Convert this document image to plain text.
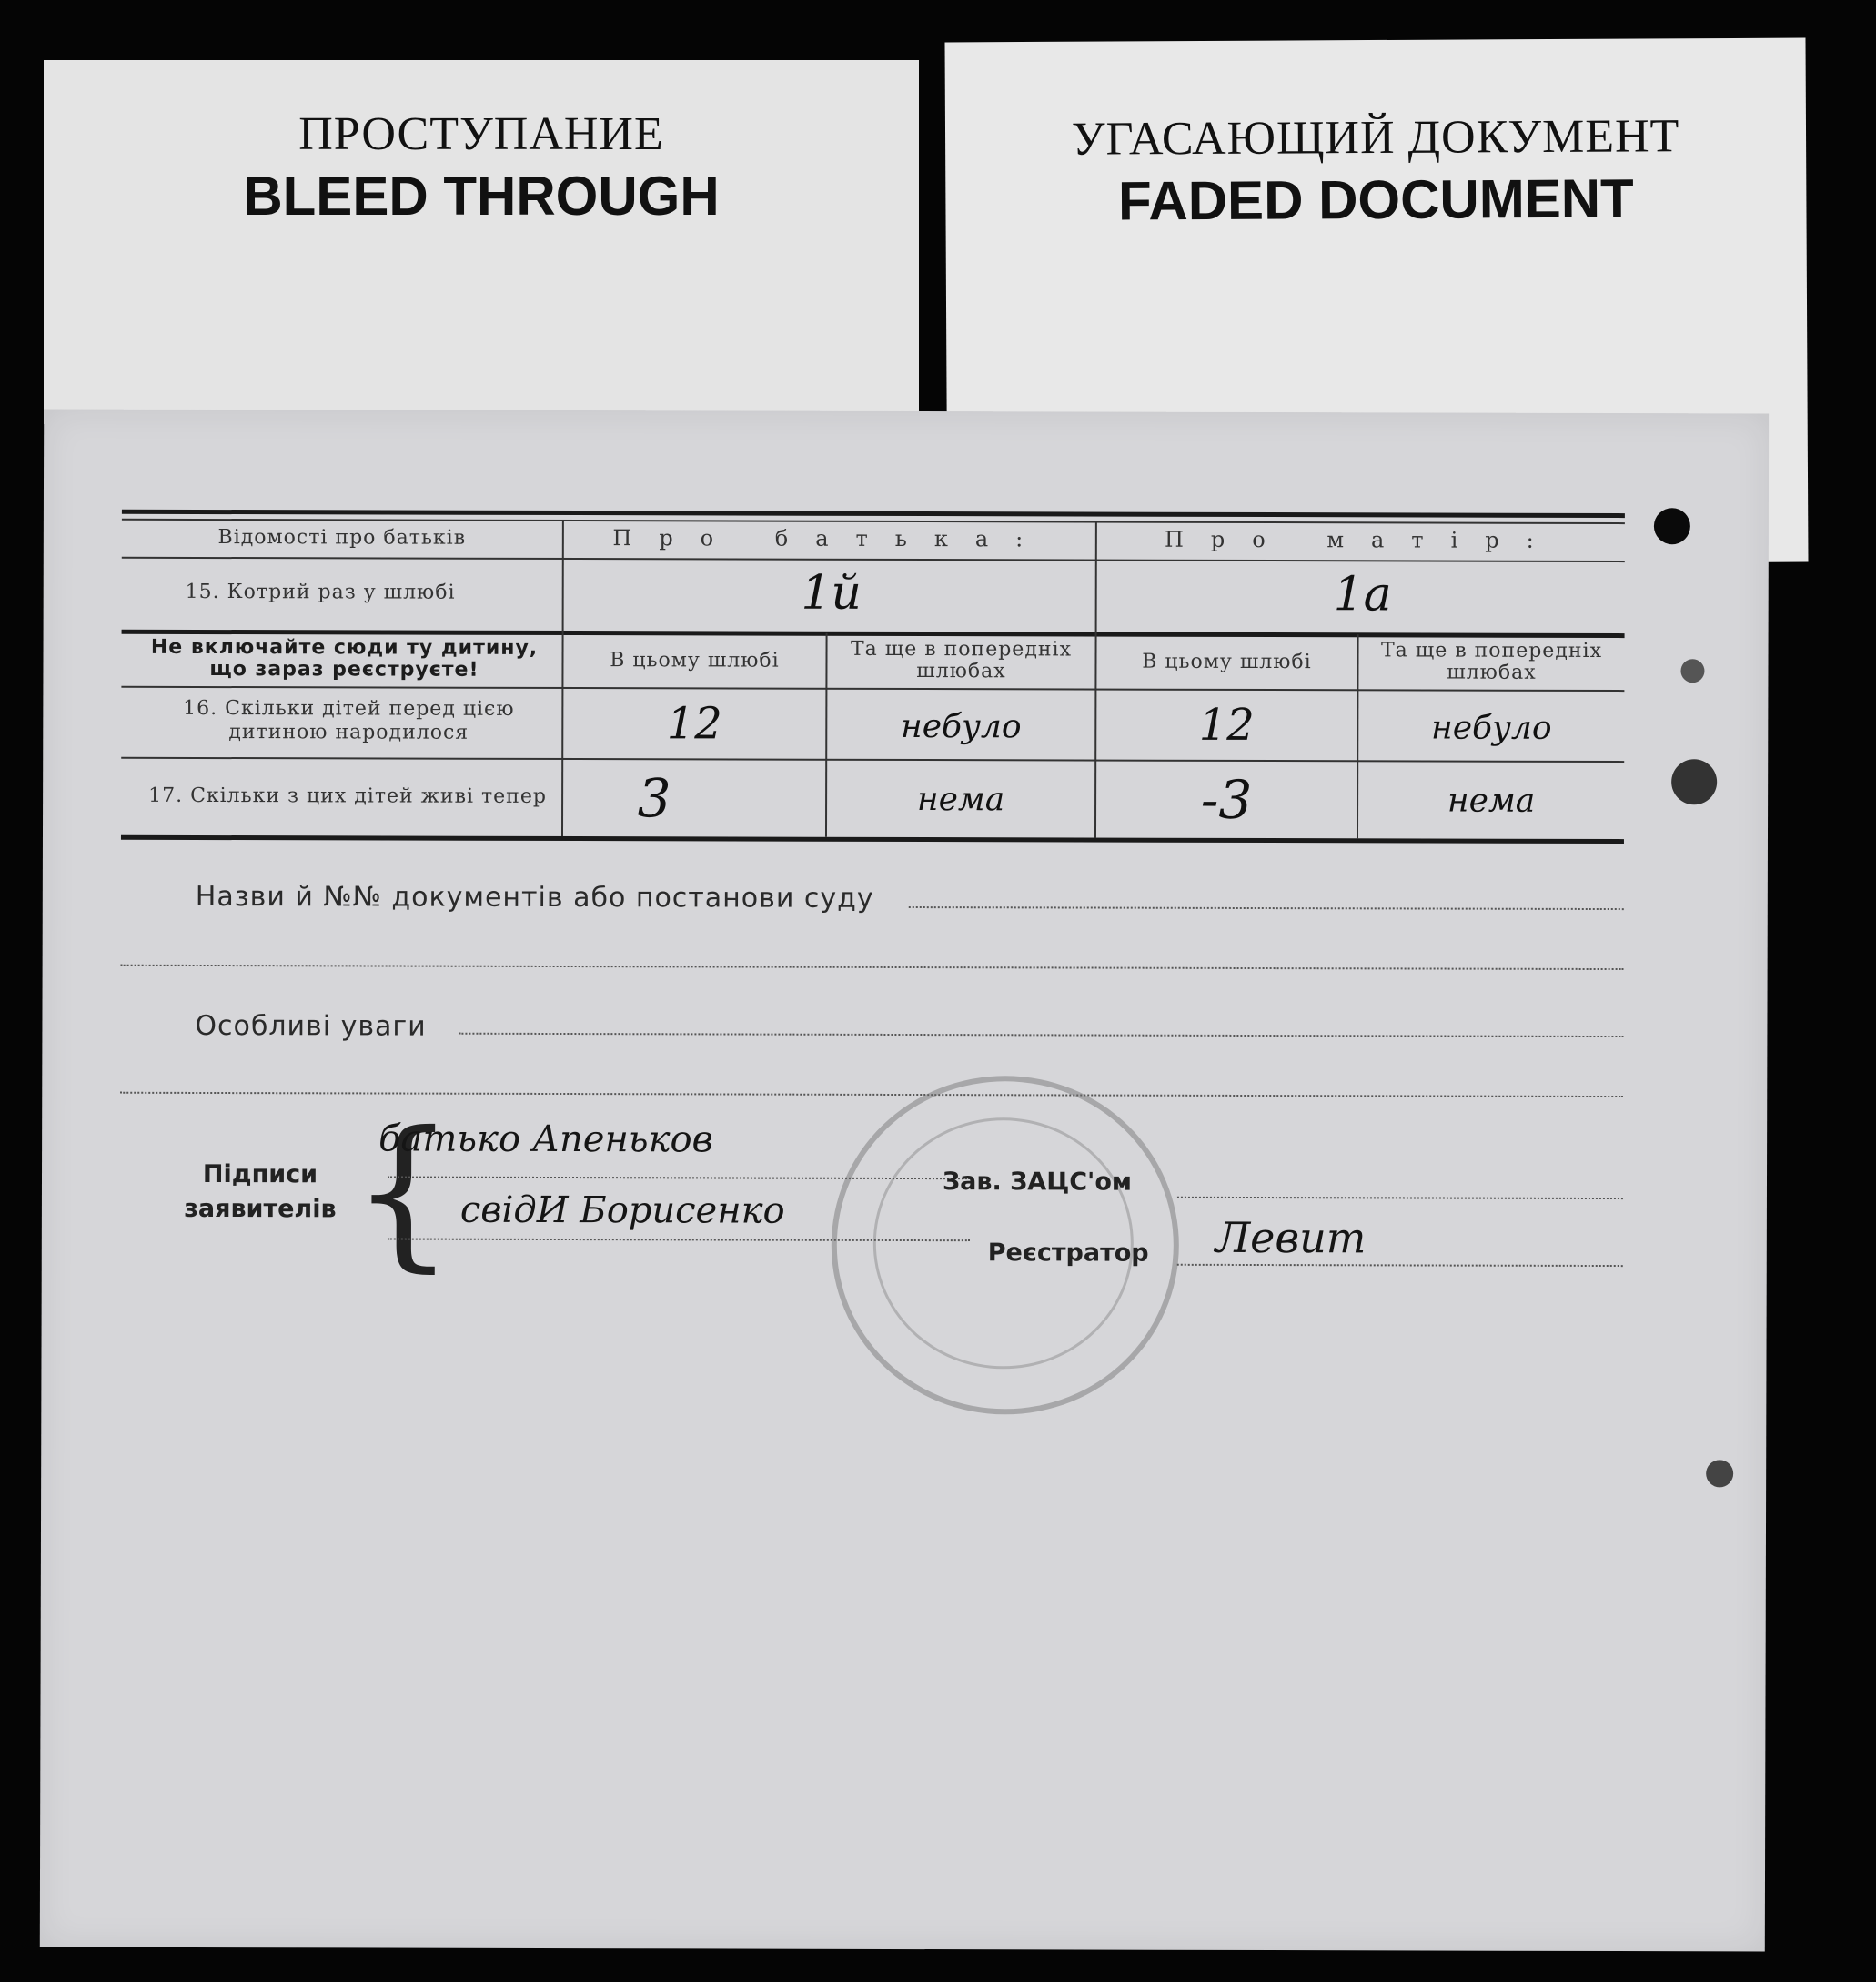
ПРОСТУПАНИЕ
BLEED THROUGH
УГАСАЮЩИЙ ДОКУМЕНТ
FADED DOCUMENT
Відомості про батьків	Про батька:	Про матір:
15. Котрий раз у шлюбі	1й	1а
Не включайте сюди ту дитину, що зараз реєструєте!	В цьому шлюбі	Та ще в попередніх шлюбах	В цьому шлюбі	Та ще в попередніх шлюбах
16. Скільки дітей перед цією дитиною народилося	12	небуло	12	небуло
17. Скільки з цих дітей живі тепер	3	нема	-3	нема
Назви й №№ документів або постанови суду
Особливі уваги
Підписи заявителів {
батько Апеньков
свідИ Борисенко
Зав. ЗАЦС'ом
Реєстратор Левит
